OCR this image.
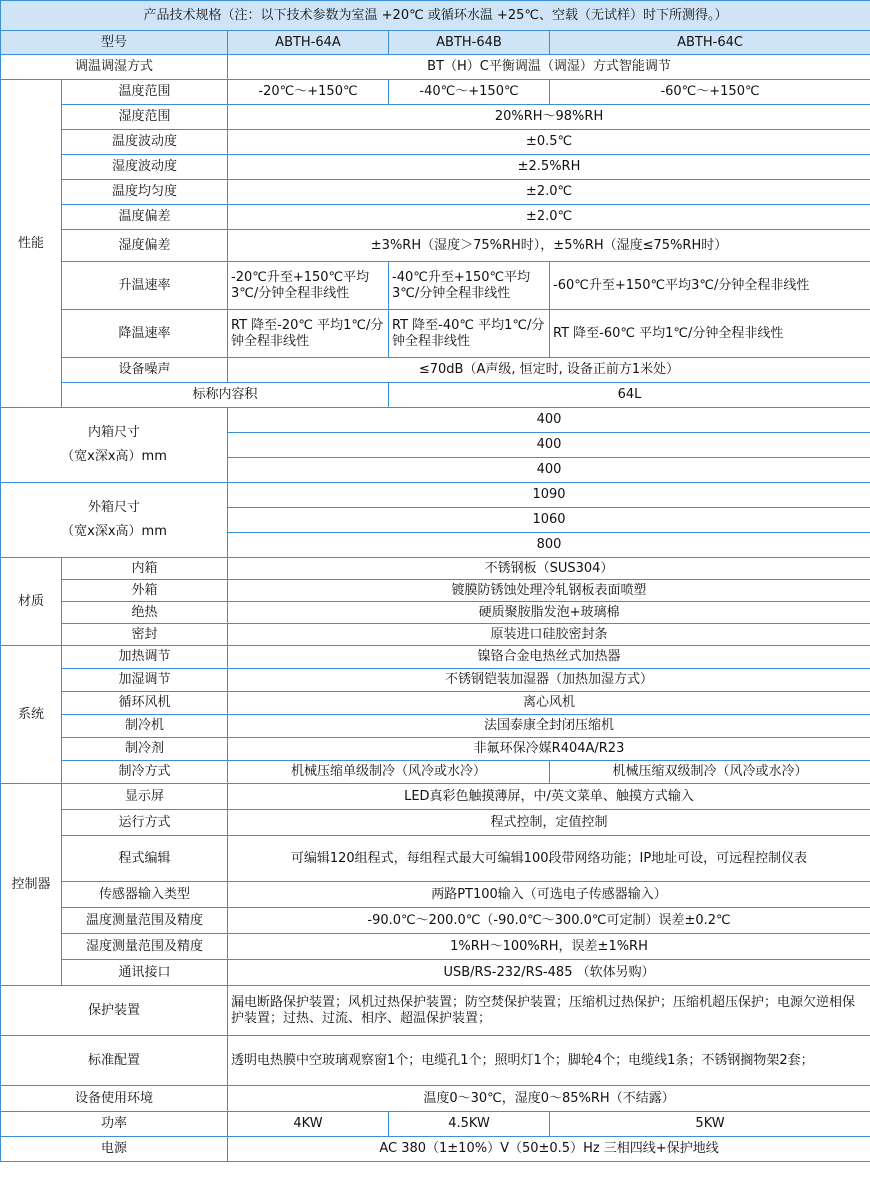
产品技术规格（注：以下技术参数为室温 +20℃ 或循环水温 +25℃、空载（无试样）时下所测得。）				
型号		ABTH-64A	ABTH-64B	ABTH-64C
调温调湿方式		BT（H）C平衡调温（调湿）方式智能调节		
性能	温度范围	-20℃～+150℃	-40℃～+150℃	-60℃～+150℃
	湿度范围	20%RH～98%RH		
	温度波动度	±0.5℃		
	湿度波动度	±2.5%RH		
	温度均匀度	±2.0℃		
	温度偏差	±2.0℃		
	湿度偏差	±3%RH（湿度＞75%RH时），±5%RH（湿度≤75%RH时）		
	升温速率	-20℃升至+150℃平均3℃/分钟全程非线性	-40℃升至+150℃平均3℃/分钟全程非线性	-60℃升至+150℃平均3℃/分钟全程非线性
	降温速率	RT 降至-20℃ 平均1℃/分钟全程非线性	RT 降至-40℃ 平均1℃/分钟全程非线性	RT 降至-60℃ 平均1℃/分钟全程非线性
	设备噪声	≤70dB（A声级, 恒定时, 设备正前方1米处）		
	标称内容积		64L	

内箱尺寸
（宽x深x高）mm		400		
		400		
		400		

外箱尺寸
（宽x深x高）mm		1090		
		1060		
		800		
材质	内箱	不锈钢板（SUS304）		
	外箱	镀膜防锈蚀处理冷轧钢板表面喷塑		
	绝热	硬质聚胺脂发泡+玻璃棉		
	密封	原装进口硅胶密封条		
系统	加热调节	镍铬合金电热丝式加热器		
	加湿调节	不锈钢铠装加湿器（加热加湿方式）		
	循环风机	离心风机		
	制冷机	法国泰康全封闭压缩机		
	制冷剂	非氟环保冷媒R404A/R23		
	制冷方式	机械压缩单级制冷（风冷或水冷）		机械压缩双级制冷（风冷或水冷）
控制器	显示屏	LED真彩色触摸薄屏，中/英文菜单、触摸方式输入		
	运行方式	程式控制，定值控制		
	程式编辑	可编辑120组程式，每组程式最大可编辑100段带网络功能；IP地址可设，可远程控制仪表		
	传感器输入类型	两路PT100输入（可选电子传感器输入）		
	温度测量范围及精度	-90.0℃～200.0℃（-90.0℃～300.0℃可定制）误差±0.2℃		
	湿度测量范围及精度	1%RH～100%RH，误差±1%RH		
	通讯接口	USB/RS-232/RS-485 （软体另购）		
保护装置		漏电断路保护装置；风机过热保护装置；防空焚保护装置；压缩机过热保护；压缩机超压保护；电源欠逆相保护装置；过热、过流、相序、超温保护装置；		
标准配置		透明电热膜中空玻璃观察窗1个；电缆孔1个；照明灯1个；脚轮4个；电缆线1条；不锈钢搁物架2套；		
设备使用环境		温度0～30℃，湿度0～85%RH（不结露）		
功率		4KW	4.5KW	5KW
电源		AC 380（1±10%）V（50±0.5）Hz 三相四线+保护地线		
